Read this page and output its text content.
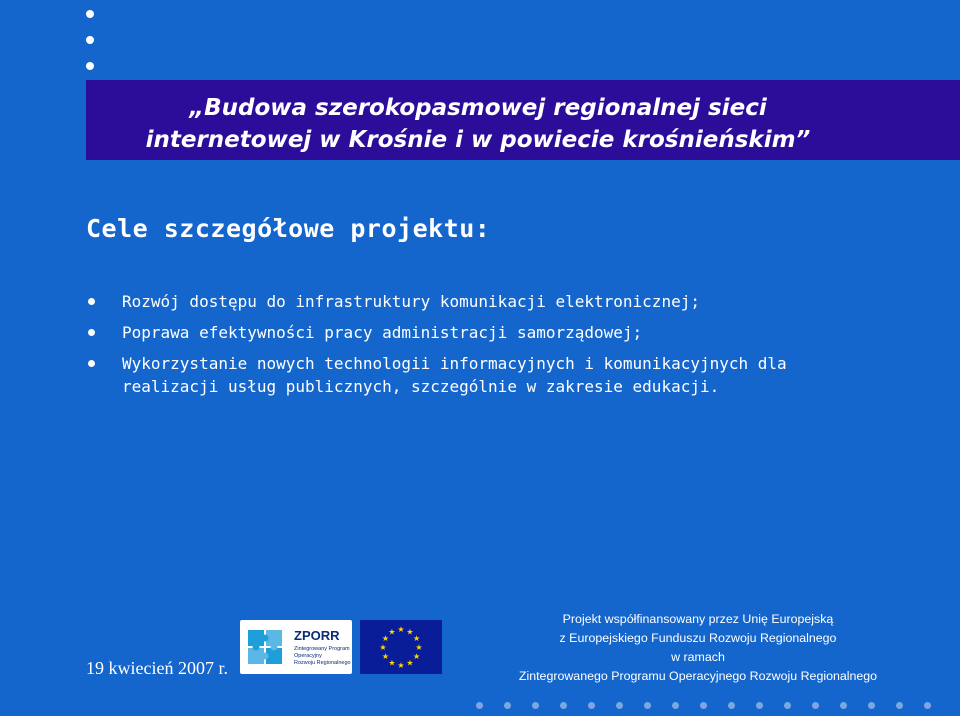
„Budowa szerokopasmowej regionalnej sieci
internetowej w Krośnie i w powiecie krośnieńskim”
Cele szczegółowe projektu:
Rozwój dostępu do infrastruktury komunikacji elektronicznej;
Poprawa efektywności pracy administracji samorządowej;
Wykorzystanie nowych technologii informacyjnych i komunikacyjnych dla realizacji usług publicznych, szczególnie w zakresie edukacji.
19 kwiecień 2007 r.
ZPORR
Zintegrowany Program
Operacyjny
Rozwoju Regionalnego
★ ★
★
★
★
★
★
★
★
★
★
★
Projekt współfinansowany przez Unię Europejską
z Europejskiego Funduszu Rozwoju Regionalnego
w ramach
Zintegrowanego Programu Operacyjnego Rozwoju Regionalnego
